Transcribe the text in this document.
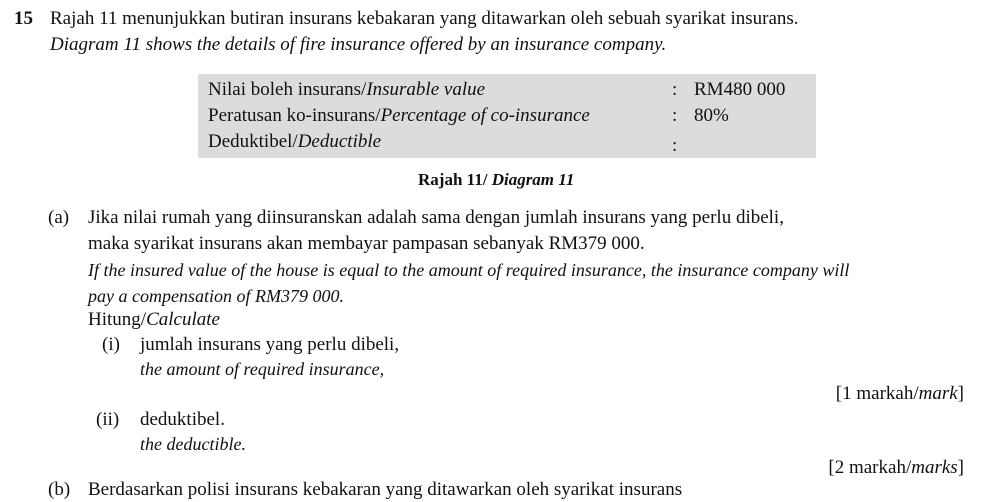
15 Rajah 11 menunjukkan butiran insurans kebakaran yang ditawarkan oleh sebuah syarikat insurans.
Diagram 11 shows the details of fire insurance offered by an insurance company.
Nilai boleh insurans/Insurable value	: RM480 000
Peratusan ko-insurans/Percentage of co-insurance	: 80%
Deduktibel/Deductible	:
Rajah 11/ Diagram 11
(a) Jika nilai rumah yang diinsuranskan adalah sama dengan jumlah insurans yang perlu dibeli,
maka syarikat insurans akan membayar pampasan sebanyak RM379 000.
If the insured value of the house is equal to the amount of required insurance, the insurance company will
pay a compensation of RM379 000.
Hitung/Calculate
(i) jumlah insurans yang perlu dibeli,
the amount of required insurance,
[1 markah/mark]
(ii) deduktibel.
the deductible.
[2 markah/marks]
(b) Berdasarkan polisi insurans kebakaran yang ditawarkan oleh syarikat insurans
